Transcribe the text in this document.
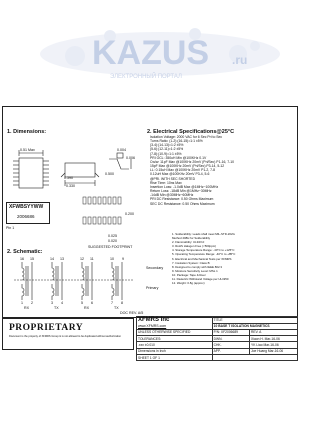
KAZUS .ru
ЭЛЕКТРОННЫЙ ПОРТАЛ
1. Dimensions:
0.51 Max
0.330
0.390
0.004
0.006
0.500
0.200
XFWBSYYWW
2006686
Pin 1
0.025
0.020
SUGGESTED FOOTPRINT
2. Electrical Specifications@25°C
Isolation Voltage: 2000 VAC for 6 Sec Pri to Sec
Turns Ratio: (1-2):(16-15)=1:1 ±5%
(3-4):(14-13)=1:2 ±5%
(5-6):(12-11)=1:2 ±5%
(7-8):(10-9)=1:1 ±5%
PRI OCL: 350uH Min @100KHz 0.1V
Cw/w: 11pF Max @100KHz 20mV (Pri/Sec) P1-16, 7-10
15pF Max @100KHz 20mV (Pri/Sec) P3-14, 5-12
LL: 0.15uH Max @100KHz 20mV P1-2, 7-8
0.12uH Max @100KHz 20mV P3-4, 5-6
@PRI. WITH SEC SHORTED
Rise Time: 10ns Max
Insertion Loss: -1.0dB Max @1MHz~100MHz
Return Loss: -18dB Min @1MHz~30MHz
-14dB Min @30MHz~60MHz
PRI DC Resistance: 0.50 Ohms Maximum
SEC DC Resistance: 0.50 Ohms Maximum
2. Schematic:
16 15	14 13	12 11	10 9
1 2	3 4	5 6	7 8
RX	TX	RX	TX
Secondary
Primary
DOC REV. A/5
1. Solderability: Leads shall meet MIL-STD-202G
Method 208H for Solderability
2. Flammability: UL94V-0
3. RoHS Halogen Free (<500ppm)
4. Storage Temperature Range: -40°C to +125°C
5. Operating Temperature Range: -40°C to +85°C
6. Electrical and Mechanical Tests per XFMRS
7. Insulation System: Class B
8. Designed to comply with IEEE 802.3
9. Moisture Sensitivity Level: MSL 1
10. Package: Tape & Reel
11. Dielectric Withstand Voltage per UL1950
12. Weight: 0.8g (approx)
XFMRS Inc	TITLE	
www.XFMRS.com	10 BASE T ISOLATION MAGNETICS	
UNLESS OTHERWISE SPECIFIED	P/N: XF2006689	REV. A
TOLERANCES:	DWN.	Xiaon H. Mar-16-06
.xxx ±0.010	CHK.	YK Liao Mar-16-06
Dimensions in Inch	APP.	Joe Huang Mar-16-06
SHEET 1 OF 1		
PROPRIETARY
Document is the property of XFMRS Group & is not allowed to be duplicated without authorization
